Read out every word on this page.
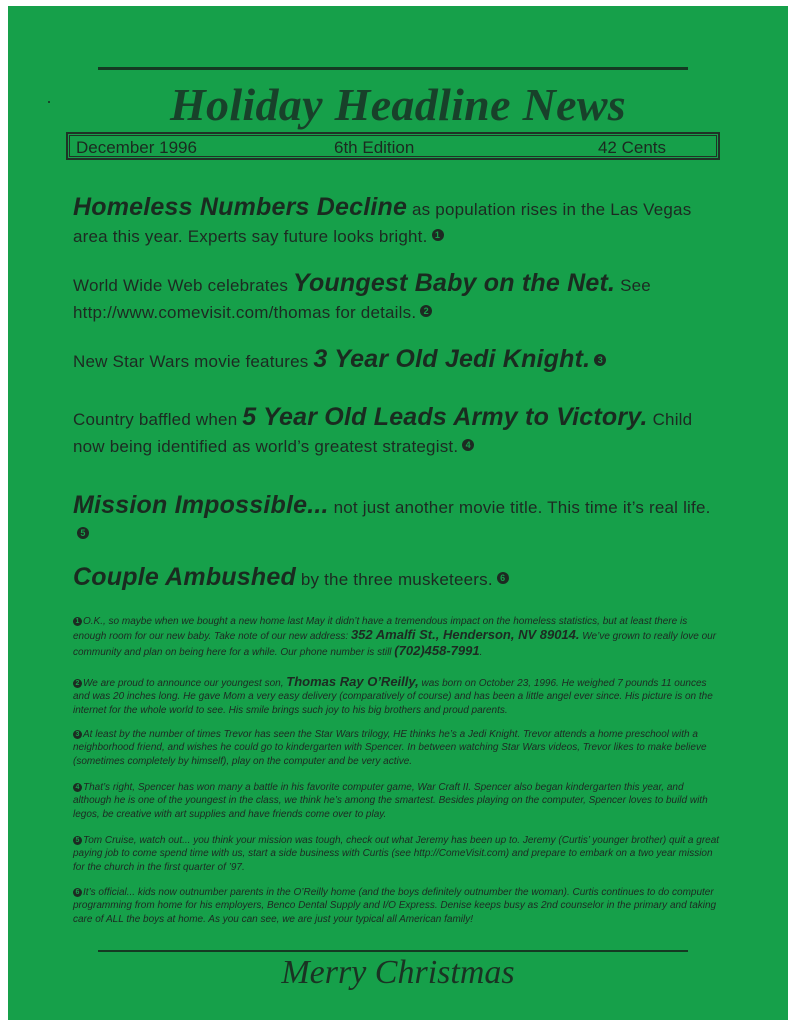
Holiday Headline News
December 1996	6th Edition	42 Cents
Homeless Numbers Decline as population rises in the Las Vegas area this year. Experts say future looks bright. 1
World Wide Web celebrates Youngest Baby on the Net. See http://www.comevisit.com/thomas for details. 2
New Star Wars movie features 3 Year Old Jedi Knight. 3
Country baffled when 5 Year Old Leads Army to Victory. Child now being identified as world’s greatest strategist. 4
Mission Impossible... not just another movie title. This time it’s real life.5
Couple Ambushed by the three musketeers. 6
1 O.K., so maybe when we bought a new home last May it didn’t have a tremendous impact on the homeless statistics, but at least there is enough room for our new baby. Take note of our new address: 352 Amalfi St., Henderson, NV 89014. We’ve grown to really love our community and plan on being here for a while. Our phone number is still (702)458-7991.
2 We are proud to announce our youngest son, Thomas Ray O’Reilly, was born on October 23, 1996. He weighed 7 pounds 11 ounces and was 20 inches long. He gave Mom a very easy delivery (comparatively of course) and has been a little angel ever since. His picture is on the internet for the whole world to see. His smile brings such joy to his big brothers and proud parents.
3 At least by the number of times Trevor has seen the Star Wars trilogy, HE thinks he’s a Jedi Knight. Trevor attends a home preschool with a neighborhood friend, and wishes he could go to kindergarten with Spencer. In between watching Star Wars videos, Trevor likes to make believe (sometimes completely by himself), play on the computer and be very active.
4 That’s right, Spencer has won many a battle in his favorite computer game, War Craft II. Spencer also began kindergarten this year, and although he is one of the youngest in the class, we think he’s among the smartest. Besides playing on the computer, Spencer loves to build with legos, be creative with art supplies and have friends come over to play.
5 Tom Cruise, watch out... you think your mission was tough, check out what Jeremy has been up to. Jeremy (Curtis’ younger brother) quit a great paying job to come spend time with us, start a side business with Curtis (see http://ComeVisit.com) and prepare to embark on a two year mission for the church in the first quarter of ’97.
6 It’s official... kids now outnumber parents in the O’Reilly home (and the boys definitely outnumber the woman). Curtis continues to do computer programming from home for his employers, Benco Dental Supply and I/O Express. Denise keeps busy as 2nd counselor in the primary and taking care of ALL the boys at home. As you can see, we are just your typical all American family!
Merry Christmas
